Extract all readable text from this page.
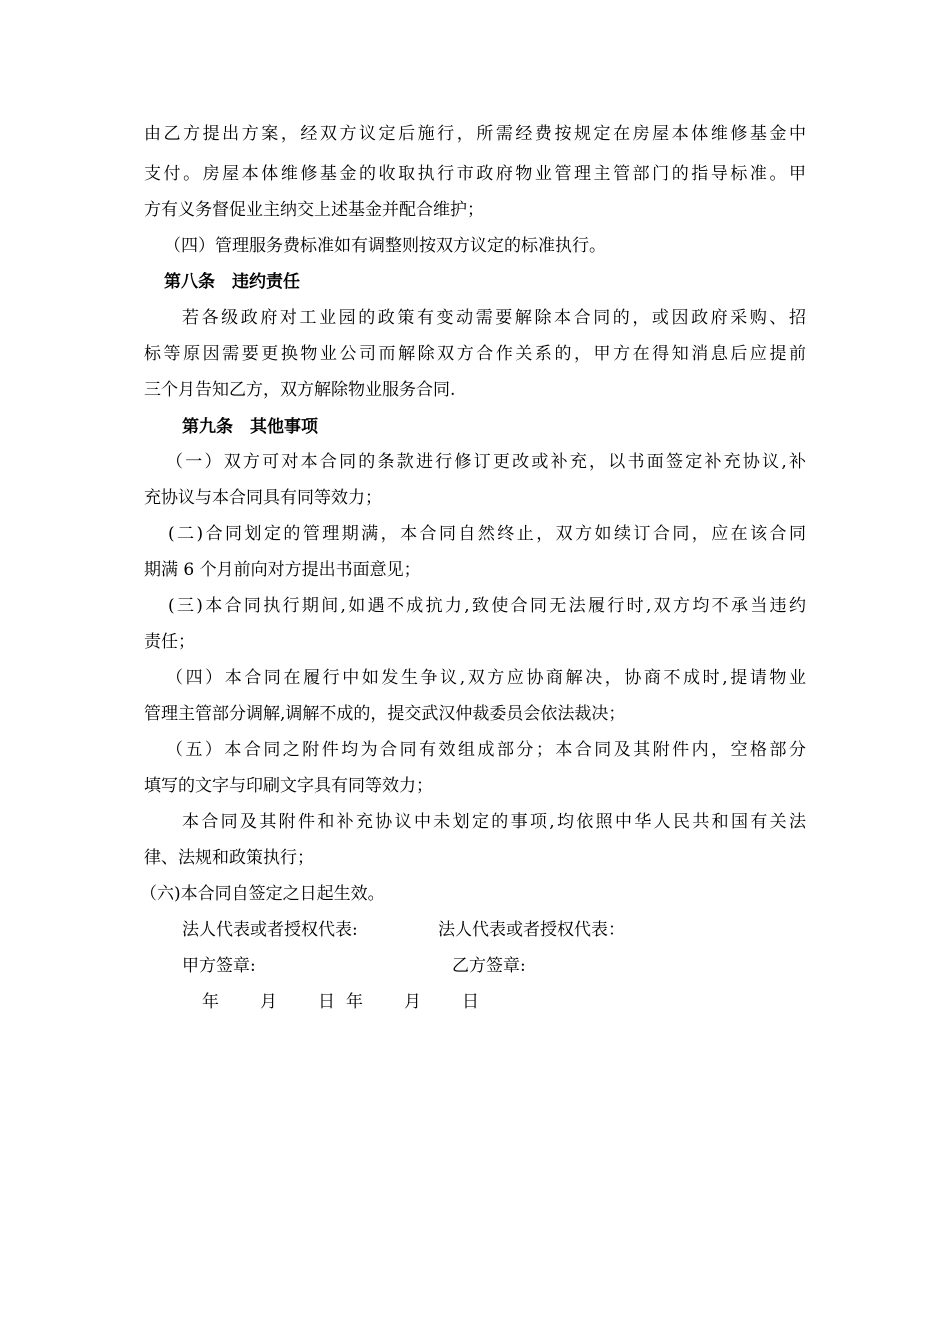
由乙方提出方案，经双方议定后施行，所需经费按规定在房屋本体维修基金中
支付。房屋本体维修基金的收取执行市政府物业管理主管部门的指导标准。甲
方有义务督促业主纳交上述基金并配合维护；
（四）管理服务费标准如有调整则按双方议定的标准执行。
第八条　违约责任
若各级政府对工业园的政策有变动需要解除本合同的，或因政府采购、招
标等原因需要更换物业公司而解除双方合作关系的，甲方在得知消息后应提前
三个月告知乙方，双方解除物业服务合同.
第九条　其他事项
（一）双方可对本合同的条款进行修订更改或补充，以书面签定补充协议,补
充协议与本合同具有同等效力；
(二)合同划定的管理期满，本合同自然终止，双方如续订合同，应在该合同
期满 6 个月前向对方提出书面意见；
(三)本合同执行期间,如遇不成抗力,致使合同无法履行时,双方均不承当违约
责任；
（四）本合同在履行中如发生争议,双方应协商解决，协商不成时,提请物业
管理主管部分调解,调解不成的，提交武汉仲裁委员会依法裁决；
（五）本合同之附件均为合同有效组成部分；本合同及其附件内，空格部分
填写的文字与印刷文字具有同等效力；
本合同及其附件和补充协议中未划定的事项,均依照中华人民共和国有关法
律、法规和政策执行；
（六)本合同自签定之日起生效。
法人代表或者授权代表:	法人代表或者授权代表：
甲方签章:	乙方签章:
年 月 日 年 月 日
